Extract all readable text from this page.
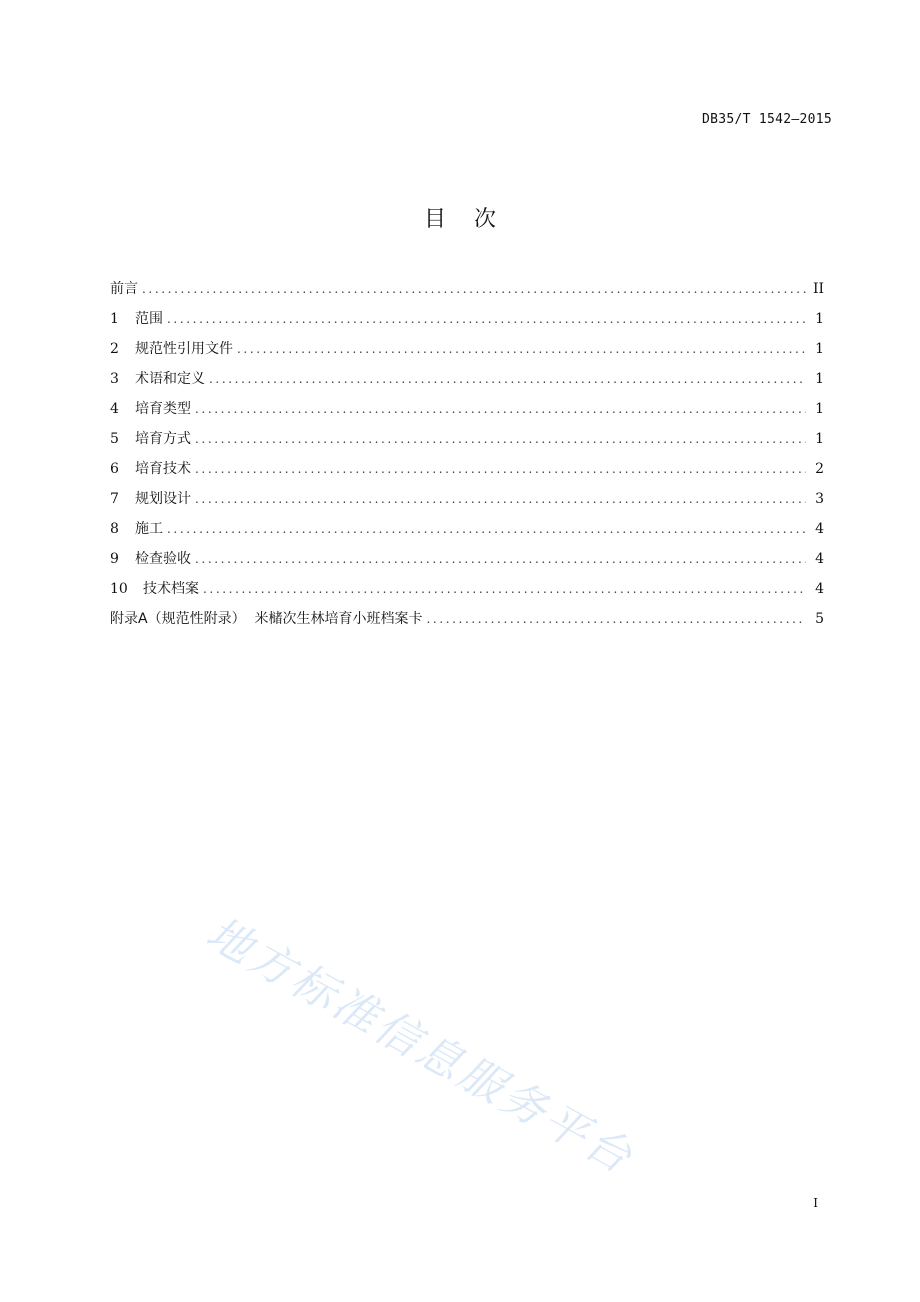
DB35/T 1542—2015
目    次
前言 .....	II
1	范围 .....	1
2	规范性引用文件 .....	1
3	术语和定义 .....	1
4	培育类型 .....	1
5	培育方式 .....	1
6	培育技术 .....	2
7	规划设计 .....	3
8	施工 .....	4
9	检查验收 .....	4
10	技术档案 .....	4
附录A（规范性附录）  米槠次生林培育小班档案卡 .....	5
地方标准信息服务平台
I
